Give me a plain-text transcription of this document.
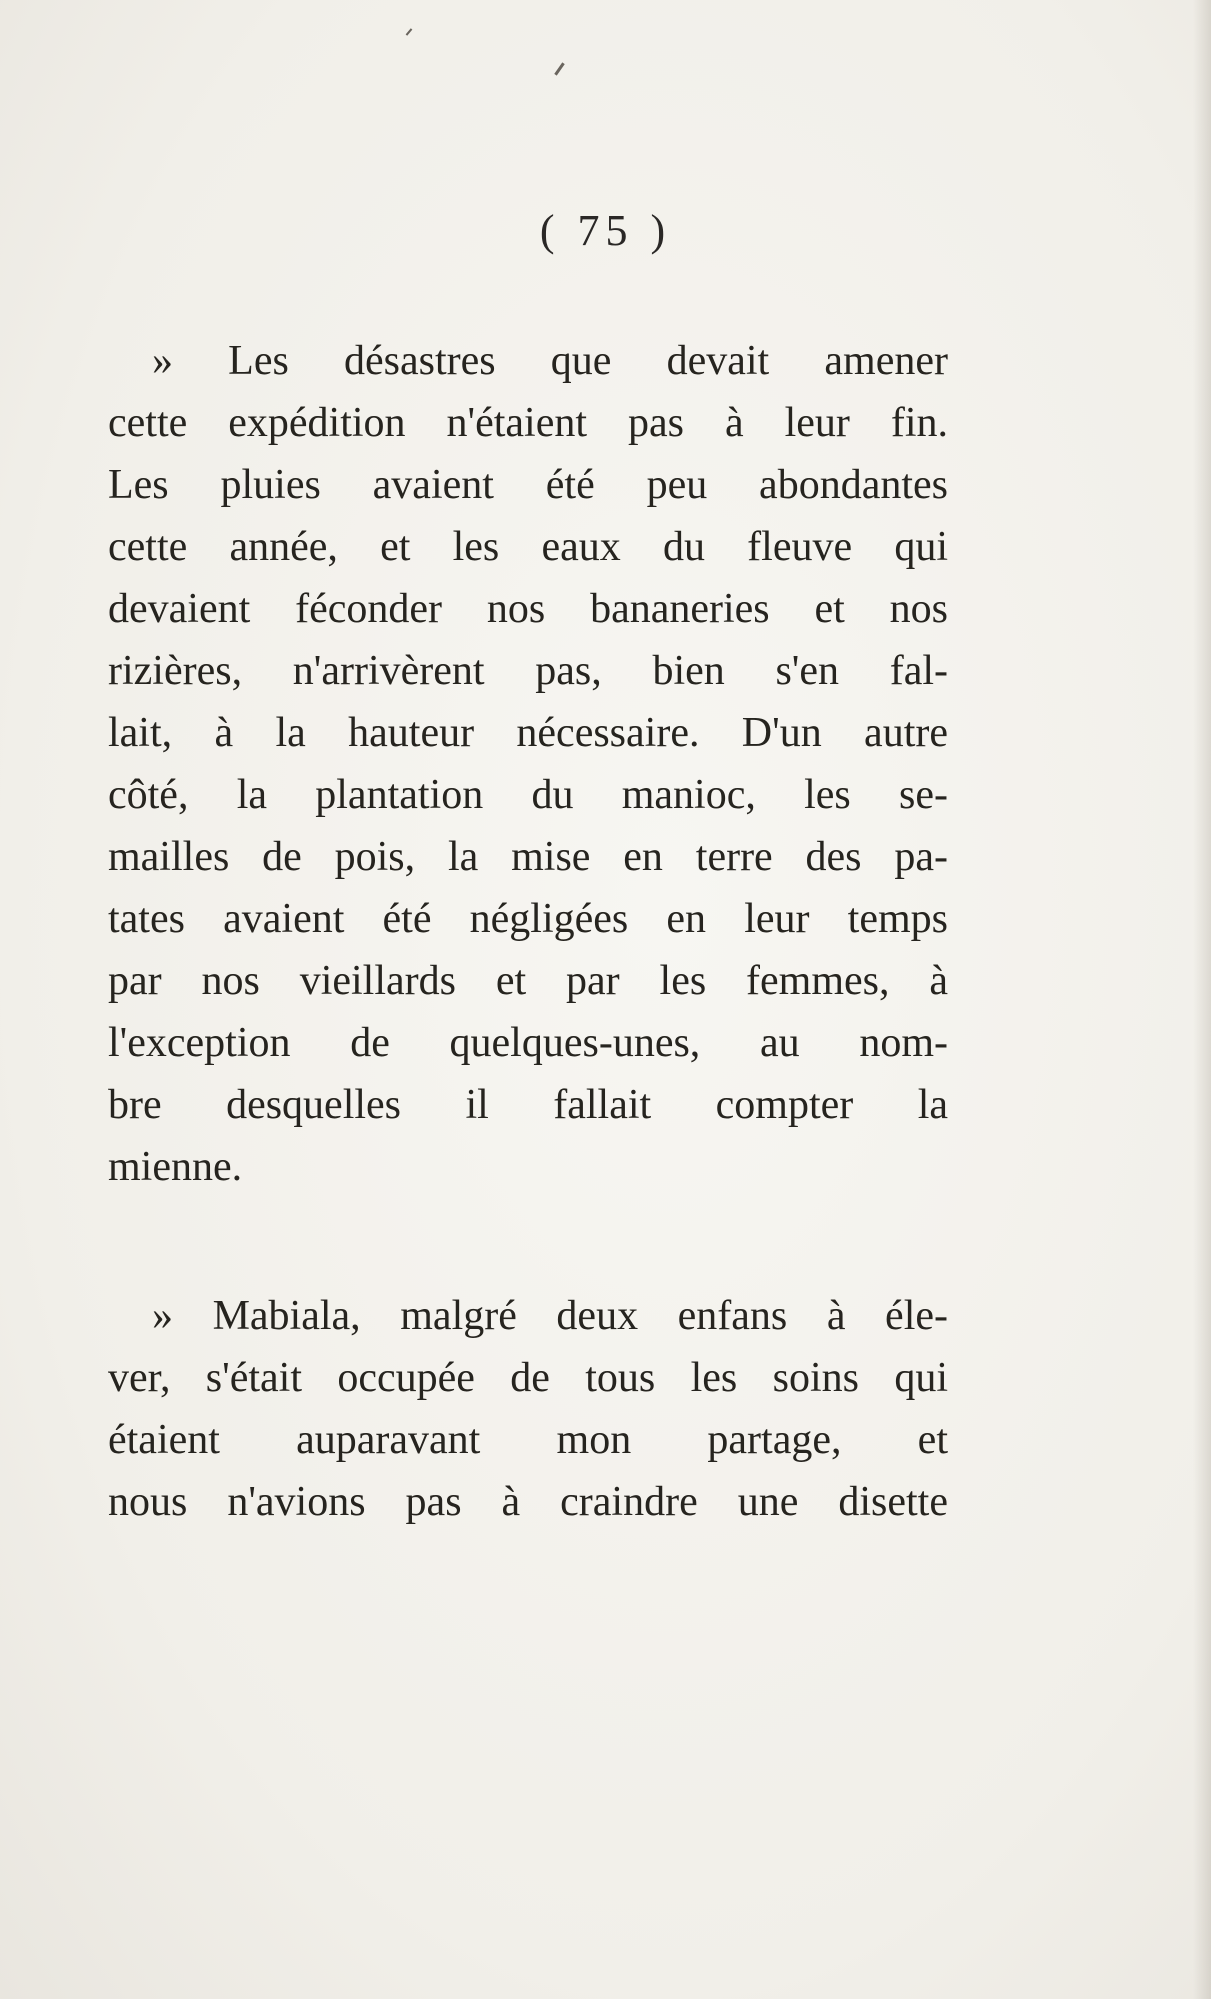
( 75 )
» Les désastres que devait amener
cette expédition n'étaient pas à leur fin.
Les pluies avaient été peu abondantes
cette année, et les eaux du fleuve qui
devaient féconder nos bananeries et nos
rizières, n'arrivèrent pas, bien s'en fal-
lait, à la hauteur nécessaire. D'un autre
côté, la plantation du manioc, les se-
mailles de pois, la mise en terre des pa-
tates avaient été négligées en leur temps
par nos vieillards et par les femmes, à
l'exception de quelques-unes, au nom-
bre desquelles il fallait compter la
mienne.
» Mabiala, malgré deux enfans à éle-
ver, s'était occupée de tous les soins qui
étaient auparavant mon partage, et
nous n'avions pas à craindre une disette
